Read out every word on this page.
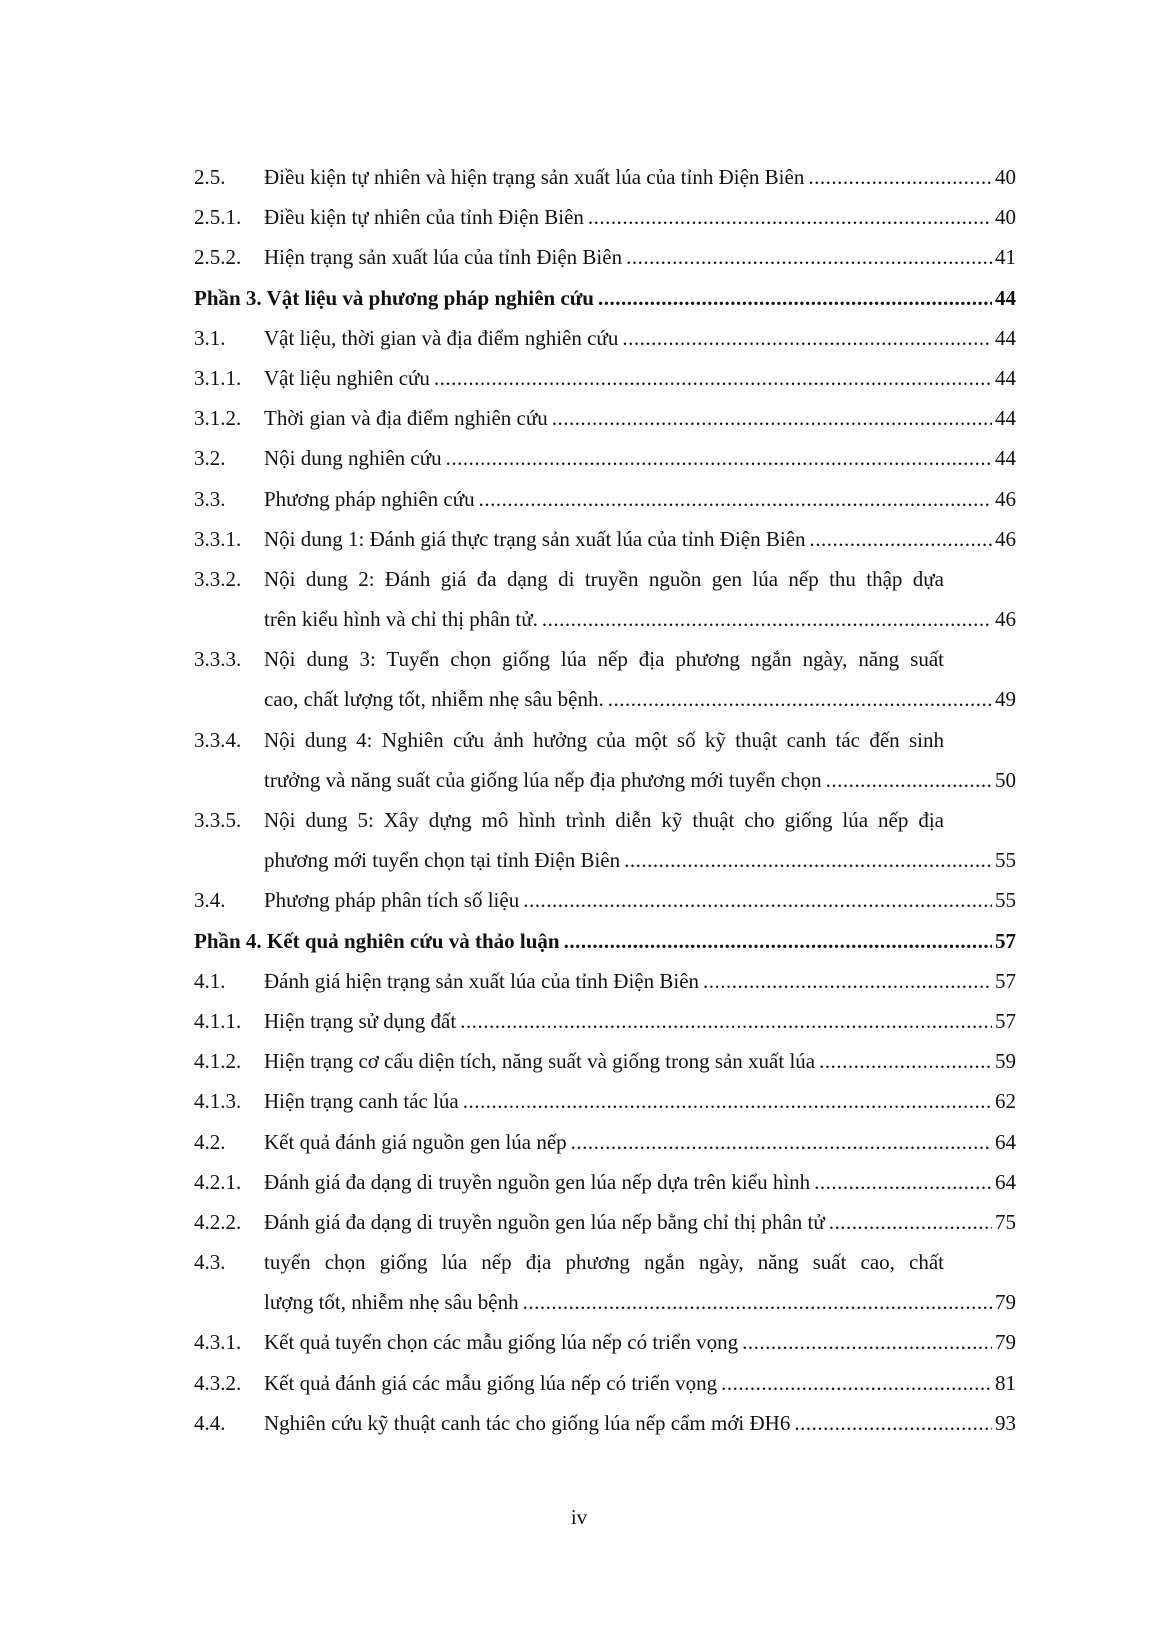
2.5.	Điều kiện tự nhiên và hiện trạng sản xuất lúa của tỉnh Điện Biên .....	40
2.5.1.	Điều kiện tự nhiên của tỉnh Điện Biên .....	40
2.5.2.	Hiện trạng sản xuất lúa của tỉnh Điện Biên .....	41
Phần 3. Vật liệu và phương pháp nghiên cứu .....	44
3.1.	Vật liệu, thời gian và địa điểm nghiên cứu .....	44
3.1.1.	Vật liệu nghiên cứu .....	44
3.1.2.	Thời gian và địa điểm nghiên cứu .....	44
3.2.	Nội dung nghiên cứu .....	44
3.3.	Phương pháp nghiên cứu .....	46
3.3.1.	Nội dung 1: Đánh giá thực trạng sản xuất lúa của tỉnh Điện Biên .....	46
3.3.2.	Nội dung 2: Đánh giá đa dạng di truyền nguồn gen lúa nếp thu thập dựa
trên kiểu hình và chỉ thị phân tử. .....	46
3.3.3.	Nội dung 3: Tuyển chọn giống lúa nếp địa phương ngắn ngày, năng suất
cao, chất lượng tốt, nhiễm nhẹ sâu bệnh. .....	49
3.3.4.	Nội dung 4: Nghiên cứu ảnh hưởng của một số kỹ thuật canh tác đến sinh
trưởng và năng suất của giống lúa nếp địa phương mới tuyển chọn .....	50
3.3.5.	Nội dung 5: Xây dựng mô hình trình diễn kỹ thuật cho giống lúa nếp địa
phương mới tuyển chọn tại tỉnh Điện Biên .....	55
3.4.	Phương pháp phân tích số liệu .....	55
Phần 4. Kết quả nghiên cứu và thảo luận .....	57
4.1.	Đánh giá hiện trạng sản xuất lúa của tỉnh Điện Biên .....	57
4.1.1.	Hiện trạng sử dụng đất .....	57
4.1.2.	Hiện trạng cơ cấu diện tích, năng suất và giống trong sản xuất lúa .....	59
4.1.3.	Hiện trạng canh tác lúa .....	62
4.2.	Kết quả đánh giá nguồn gen lúa nếp .....	64
4.2.1.	Đánh giá đa dạng di truyền nguồn gen lúa nếp dựa trên kiểu hình .....	64
4.2.2.	Đánh giá đa dạng di truyền nguồn gen lúa nếp bằng chỉ thị phân tử .....	75
4.3.	tuyển chọn giống lúa nếp địa phương ngắn ngày, năng suất cao, chất
lượng tốt, nhiễm nhẹ sâu bệnh .....	79
4.3.1.	Kết quả tuyển chọn các mẫu giống lúa nếp có triển vọng .....	79
4.3.2.	Kết quả đánh giá các mẫu giống lúa nếp có triển vọng .....	81
4.4.	Nghiên cứu kỹ thuật canh tác cho giống lúa nếp cẩm mới ĐH6 .....	93
iv
